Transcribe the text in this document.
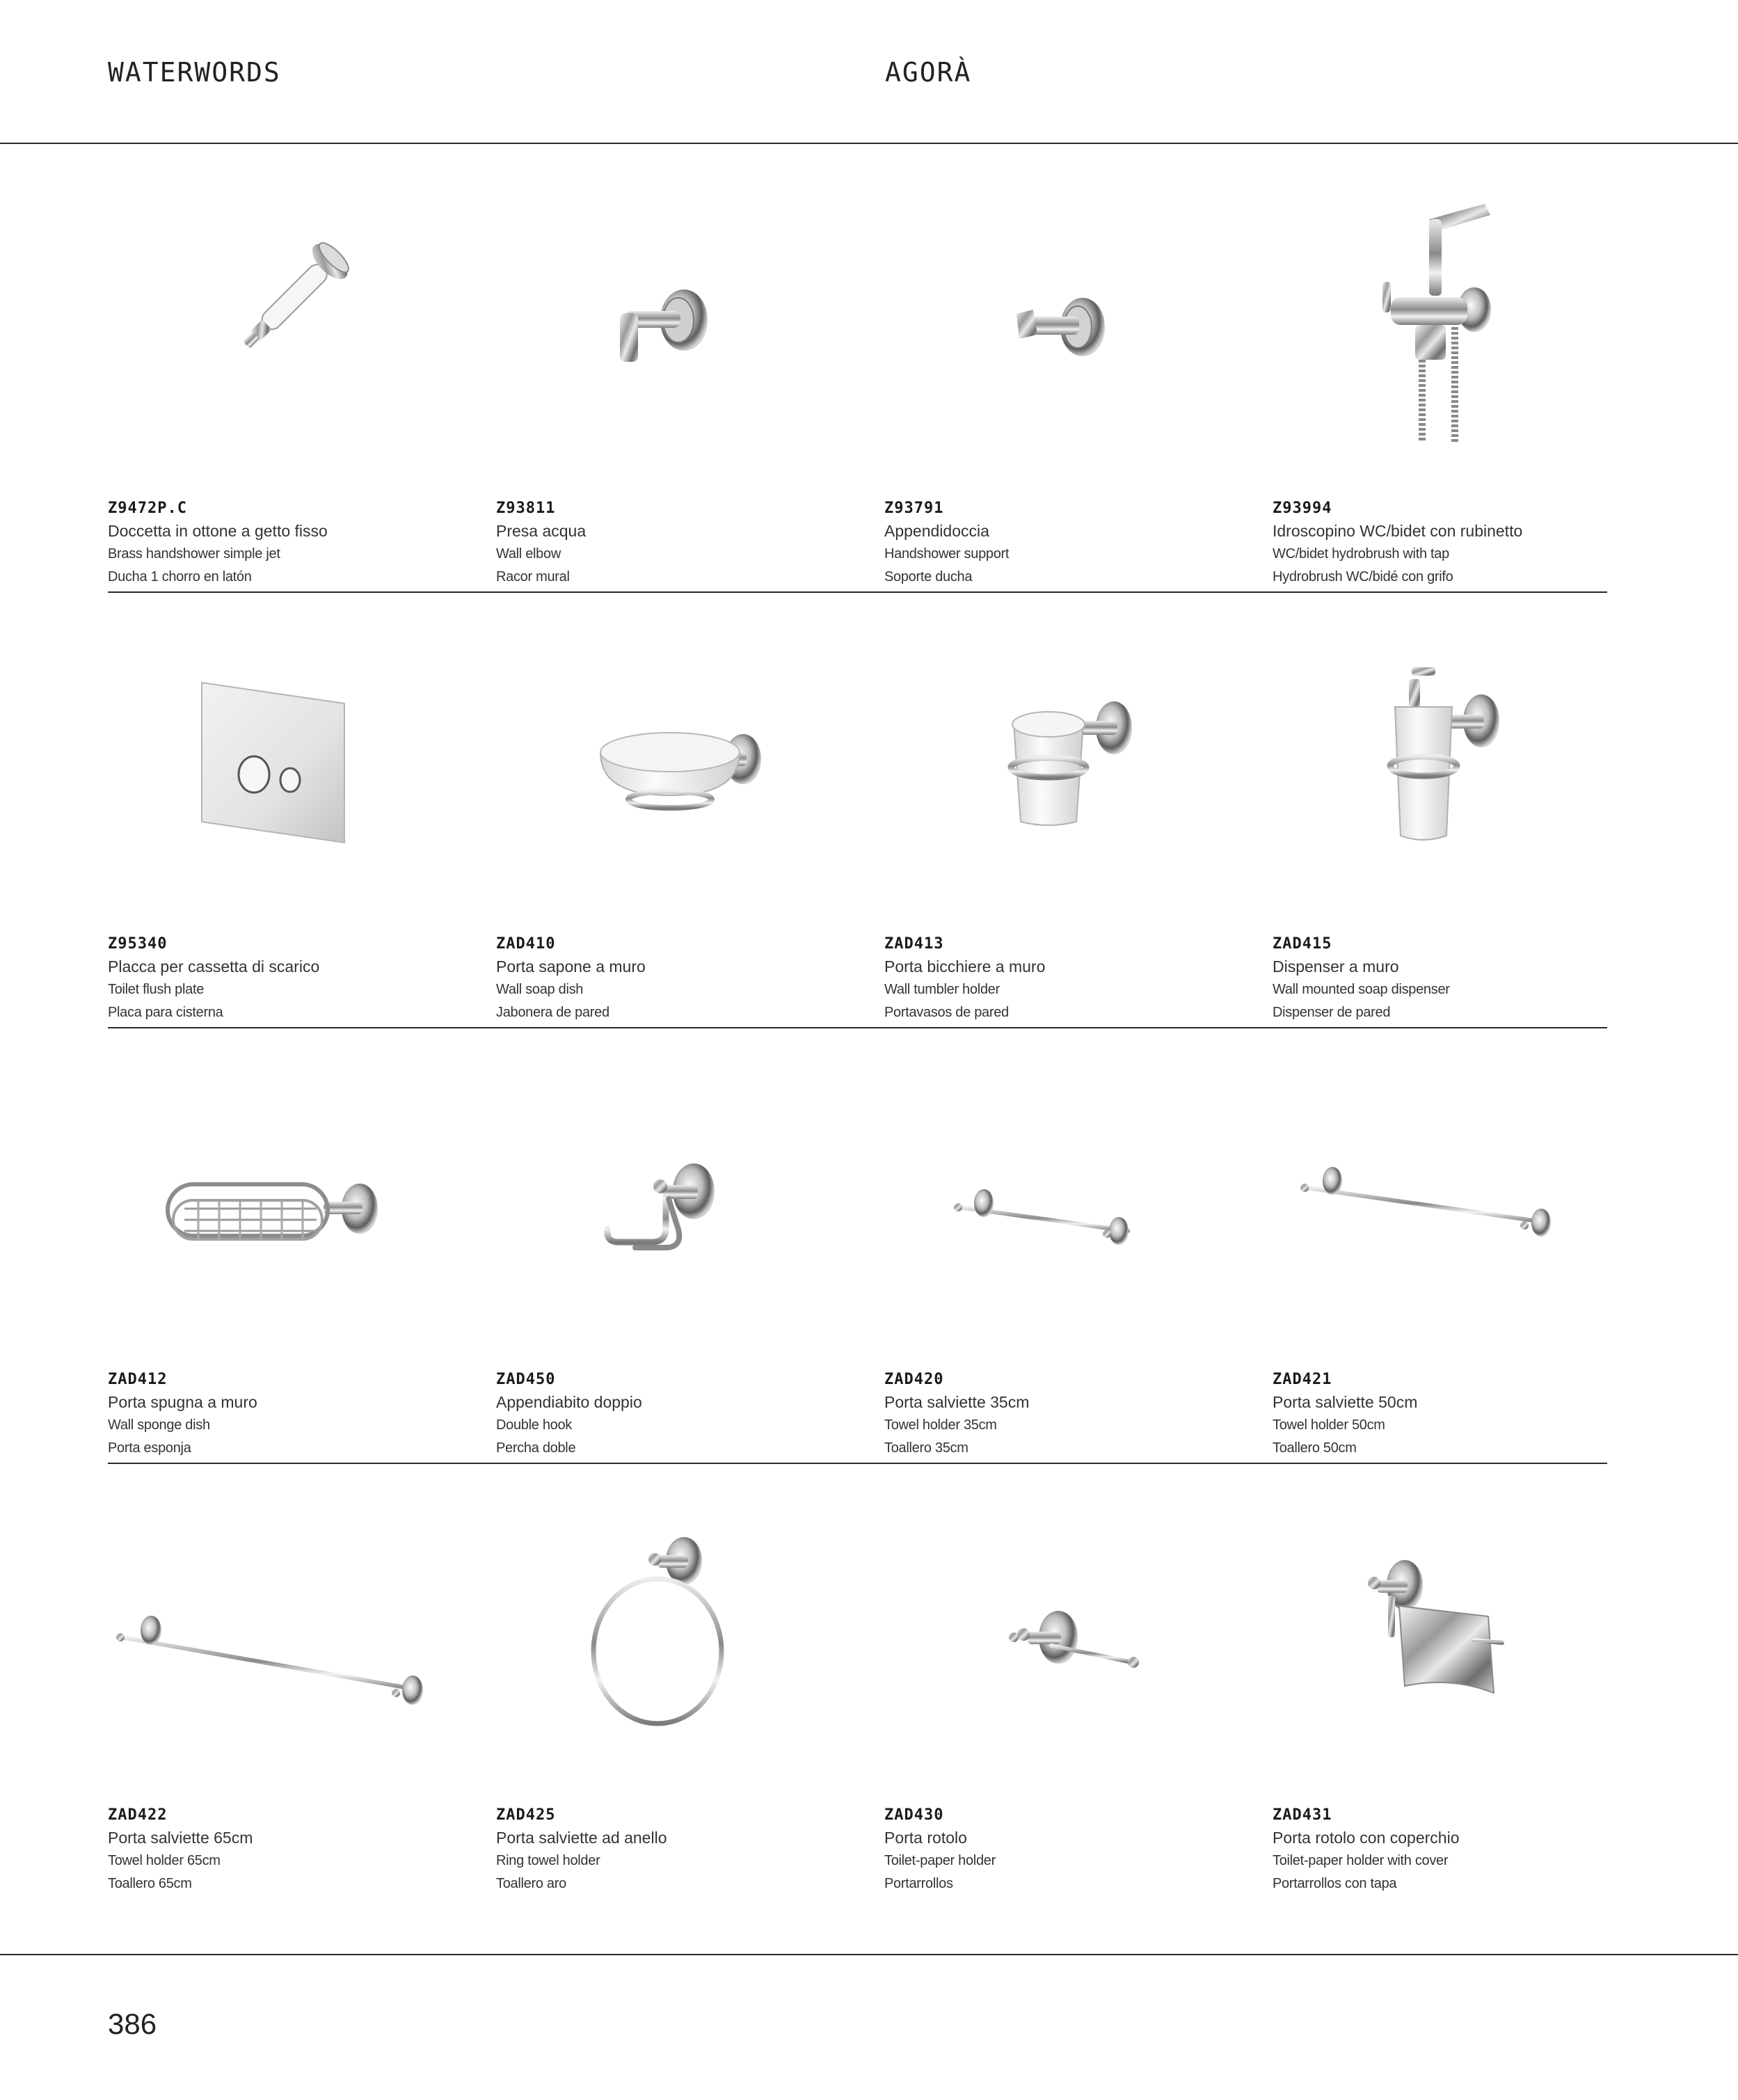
WATERWORDS	AGORÀ
Z9472P.C
Doccetta in ottone a getto fisso
Brass handshower simple jet
Ducha 1 chorro en latón
Z93811
Presa acqua
Wall elbow
Racor mural
Z93791
Appendidoccia
Handshower support
Soporte ducha
Z93994
Idroscopino WC/bidet con rubinetto
WC/bidet hydrobrush with tap
Hydrobrush WC/bidé con grifo
Z95340
Placca per cassetta di scarico
Toilet flush plate
Placa para cisterna
ZAD410
Porta sapone a muro
Wall soap dish
Jabonera de pared
ZAD413
Porta bicchiere a muro
Wall tumbler holder
Portavasos de pared
ZAD415
Dispenser a muro
Wall mounted soap dispenser
Dispenser de pared
ZAD412
Porta spugna a muro
Wall sponge dish
Porta esponja
ZAD450
Appendiabito doppio
Double hook
Percha doble
ZAD420
Porta salviette 35cm
Towel holder 35cm
Toallero 35cm
ZAD421
Porta salviette 50cm
Towel holder 50cm
Toallero 50cm
ZAD422
Porta salviette 65cm
Towel holder 65cm
Toallero 65cm
ZAD425
Porta salviette ad anello
Ring towel holder
Toallero aro
ZAD430
Porta rotolo
Toilet-paper holder
Portarrollos
ZAD431
Porta rotolo con coperchio
Toilet-paper holder with cover
Portarrollos con tapa
386
